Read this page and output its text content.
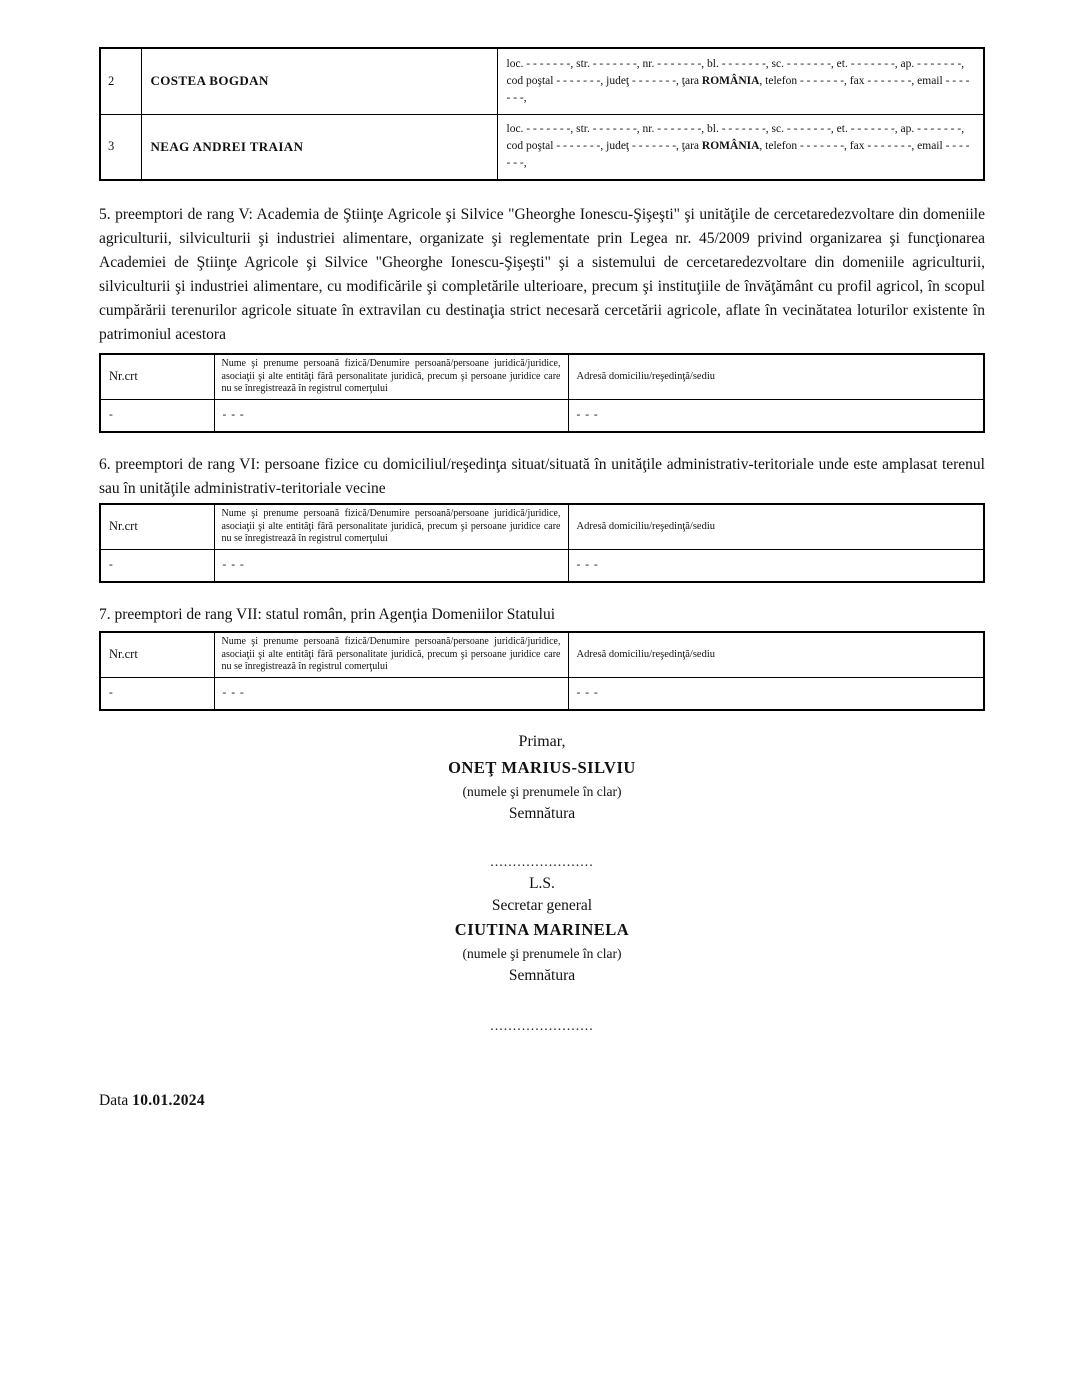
2	COSTEA BOGDAN	loc. - - - - - - -, str. - - - - - - -, nr. - - - - - - -, bl. - - - - - - -, sc. - - - - - - -, et. - - - - - - -, ap. - - - - - - -, cod poştal - - - - - - -, judeţ - - - - - - -, ţara ROMÂNIA, telefon - - - - - - -, fax - - - - - - -, email - - - - - - -,
3	NEAG ANDREI TRAIAN	loc. - - - - - - -, str. - - - - - - -, nr. - - - - - - -, bl. - - - - - - -, sc. - - - - - - -, et. - - - - - - -, ap. - - - - - - -, cod poştal - - - - - - -, judeţ - - - - - - -, ţara ROMÂNIA, telefon - - - - - - -, fax - - - - - - -, email - - - - - - -,

5. preemptori de rang V: Academia de Ştiinţe Agricole şi Silvice "Gheorghe Ionescu-Şişeşti" şi unităţile de cercetaredezvoltare din domeniile agriculturii, silviculturii şi industriei alimentare, organizate şi reglementate prin Legea nr. 45/2009 privind organizarea şi funcţionarea Academiei de Ştiinţe Agricole şi Silvice "Gheorghe Ionescu-Şişeşti" şi a sistemului de cercetaredezvoltare din domeniile agriculturii, silviculturii şi industriei alimentare, cu modificările şi completările ulterioare, precum şi instituţiile de învăţământ cu profil agricol, în scopul cumpărării terenurilor agricole situate în extravilan cu destinaţia strict necesară cercetării agricole, aflate în vecinătatea loturilor existente în patrimoniul acestora

Nr.crt	Nume şi prenume persoană fizică/Denumire persoană/persoane juridică/juridice, asociaţii şi alte entităţi fără personalitate juridică, precum şi persoane juridice care nu se înregistrează în registrul comerţului	Adresă domiciliu/reşedinţă/sediu
-	- - -	- - -

6. preemptori de rang VI: persoane fizice cu domiciliul/reşedinţa situat/situată în unităţile administrativ-teritoriale unde este amplasat terenul sau în unităţile administrativ-teritoriale vecine

Nr.crt	Nume şi prenume persoană fizică/Denumire persoană/persoane juridică/juridice, asociaţii şi alte entităţi fără personalitate juridică, precum şi persoane juridice care nu se înregistrează în registrul comerţului	Adresă domiciliu/reşedinţă/sediu
-	- - -	- - -

7. preemptori de rang VII: statul român, prin Agenţia Domeniilor Statului

Nr.crt	Nume şi prenume persoană fizică/Denumire persoană/persoane juridică/juridice, asociaţii şi alte entităţi fără personalitate juridică, precum şi persoane juridice care nu se înregistrează în registrul comerţului	Adresă domiciliu/reşedinţă/sediu
-	- - -	- - -
Primar,
ONEŢ MARIUS-SILVIU
(numele şi prenumele în clar)
Semnătura
.......................
L.S.
Secretar general
CIUTINA MARINELA
(numele şi prenumele în clar)
Semnătura
.......................
Data 10.01.2024
